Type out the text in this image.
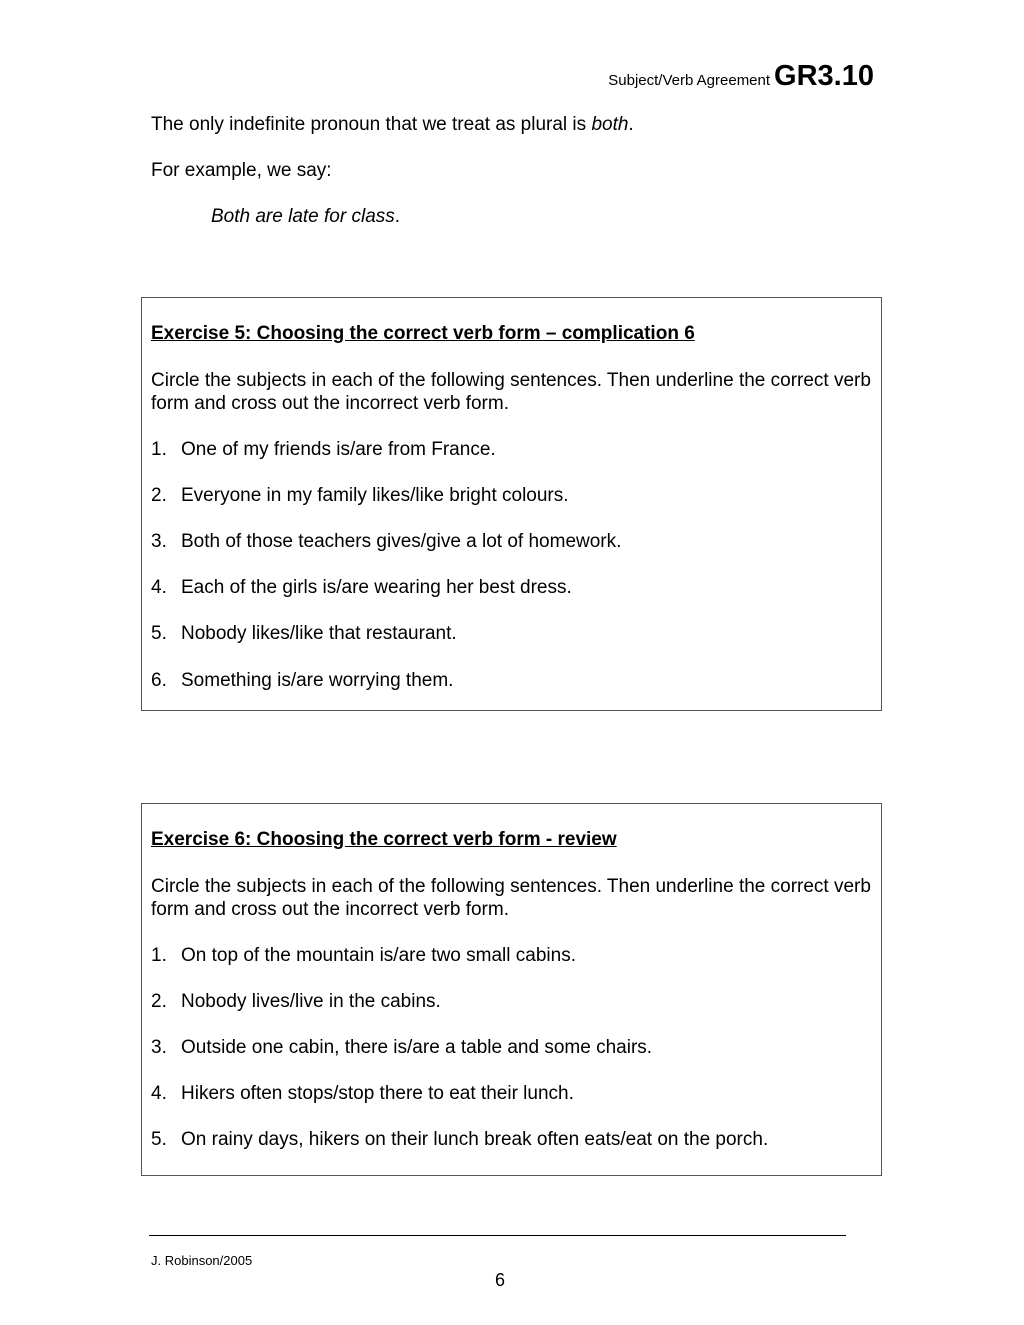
Subject/Verb Agreement GR3.10

The only indefinite pronoun that we treat as plural is both.

For example, we say:

Both are late for class.

Exercise 5: Choosing the correct verb form – complication 6

Circle the subjects in each of the following sentences. Then underline the correct verb form and cross out the incorrect verb form.

1. One of my friends is/are from France.
2. Everyone in my family likes/like bright colours.
3. Both of those teachers gives/give a lot of homework.
4. Each of the girls is/are wearing her best dress.
5. Nobody likes/like that restaurant.
6. Something is/are worrying them.
Exercise 6: Choosing the correct verb form - review

Circle the subjects in each of the following sentences. Then underline the correct verb form and cross out the incorrect verb form.

1. On top of the mountain is/are two small cabins.
2. Nobody lives/live in the cabins.
3. Outside one cabin, there is/are a table and some chairs.
4. Hikers often stops/stop there to eat their lunch.
5. On rainy days, hikers on their lunch break often eats/eat on the porch.
J. Robinson/2005
6
